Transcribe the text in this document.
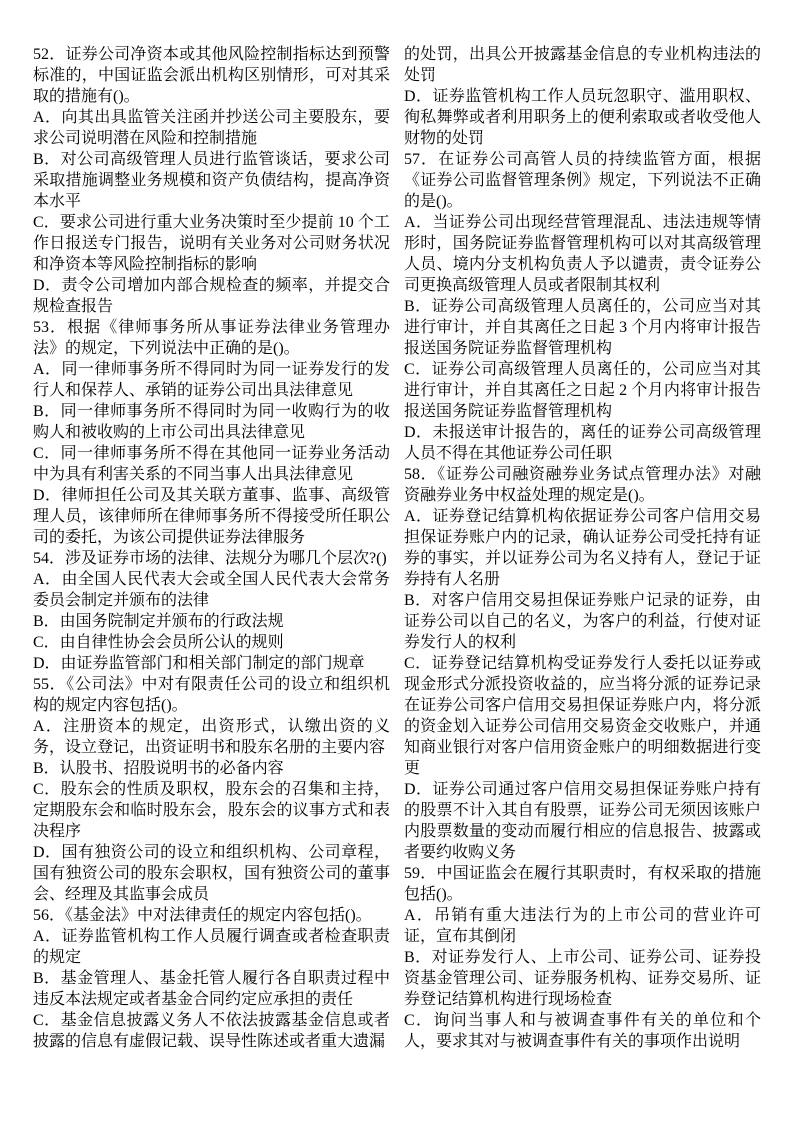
52．证券公司净资本或其他风险控制指标达到预警标准的，中国证监会派出机构区别情形，可对其采取的措施有()。

A．向其出具监管关注函并抄送公司主要股东，要求公司说明潜在风险和控制措施

B．对公司高级管理人员进行监管谈话，要求公司采取措施调整业务规模和资产负债结构，提高净资本水平

C．要求公司进行重大业务决策时至少提前 10 个工作日报送专门报告，说明有关业务对公司财务状况和净资本等风险控制指标的影响

D．责令公司增加内部合规检查的频率，并提交合规检查报告

53．根据《律师事务所从事证券法律业务管理办法》的规定，下列说法中正确的是()。

A．同一律师事务所不得同时为同一证券发行的发行人和保荐人、承销的证券公司出具法律意见

B．同一律师事务所不得同时为同一收购行为的收购人和被收购的上市公司出具法律意见

C．同一律师事务所不得在其他同一证券业务活动中为具有利害关系的不同当事人出具法律意见

D．律师担任公司及其关联方董事、监事、高级管理人员，该律师所在律师事务所不得接受所任职公司的委托，为该公司提供证券法律服务

54．涉及证券市场的法律、法规分为哪几个层次?()

A．由全国人民代表大会或全国人民代表大会常务委员会制定并颁布的法律

B．由国务院制定并颁布的行政法规

C．由自律性协会会员所公认的规则

D．由证券监管部门和相关部门制定的部门规章

55．《公司法》中对有限责任公司的设立和组织机构的规定内容包括()。

A．注册资本的规定，出资形式，认缴出资的义务，设立登记，出资证明书和股东名册的主要内容

B．认股书、招股说明书的必备内容

C．股东会的性质及职权，股东会的召集和主持，定期股东会和临时股东会，股东会的议事方式和表决程序

D．国有独资公司的设立和组织机构、公司章程，国有独资公司的股东会职权，国有独资公司的董事会、经理及其监事会成员

56．《基金法》中对法律责任的规定内容包括()。

A．证券监管机构工作人员履行调查或者检查职责的规定

B．基金管理人、基金托管人履行各自职责过程中违反本法规定或者基金合同约定应承担的责任

C．基金信息披露义务人不依法披露基金信息或者披露的信息有虚假记载、误导性陈述或者重大遗漏

的处罚，出具公开披露基金信息的专业机构违法的处罚

D．证券监管机构工作人员玩忽职守、滥用职权、徇私舞弊或者利用职务上的便利索取或者收受他人财物的处罚

57．在证券公司高管人员的持续监管方面，根据《证券公司监督管理条例》规定，下列说法不正确的是()。

A．当证券公司出现经营管理混乱、违法违规等情形时，国务院证券监督管理机构可以对其高级管理人员、境内分支机构负责人予以谴责，责令证券公司更换高级管理人员或者限制其权利

B．证券公司高级管理人员离任的，公司应当对其进行审计，并自其离任之日起 3 个月内将审计报告报送国务院证券监督管理机构

C．证券公司高级管理人员离任的，公司应当对其进行审计，并自其离任之日起 2 个月内将审计报告报送国务院证券监督管理机构

D．未报送审计报告的，离任的证券公司高级管理人员不得在其他证券公司任职

58．《证券公司融资融券业务试点管理办法》对融资融券业务中权益处理的规定是()。

A．证券登记结算机构依据证券公司客户信用交易担保证券账户内的记录，确认证券公司受托持有证券的事实，并以证券公司为名义持有人，登记于证券持有人名册

B．对客户信用交易担保证券账户记录的证券，由证券公司以自己的名义，为客户的利益，行使对证券发行人的权利

C．证券登记结算机构受证券发行人委托以证券或现金形式分派投资收益的，应当将分派的证券记录在证券公司客户信用交易担保证券账户内，将分派的资金划入证券公司信用交易资金交收账户，并通知商业银行对客户信用资金账户的明细数据进行变更

D．证券公司通过客户信用交易担保证券账户持有的股票不计入其自有股票，证券公司无须因该账户内股票数量的变动而履行相应的信息报告、披露或者要约收购义务

59．中国证监会在履行其职责时，有权采取的措施包括()。

A．吊销有重大违法行为的上市公司的营业许可证，宣布其倒闭

B．对证券发行人、上市公司、证券公司、证券投资基金管理公司、证券服务机构、证券交易所、证券登记结算机构进行现场检查

C．询问当事人和与被调查事件有关的单位和个人，要求其对与被调查事件有关的事项作出说明
